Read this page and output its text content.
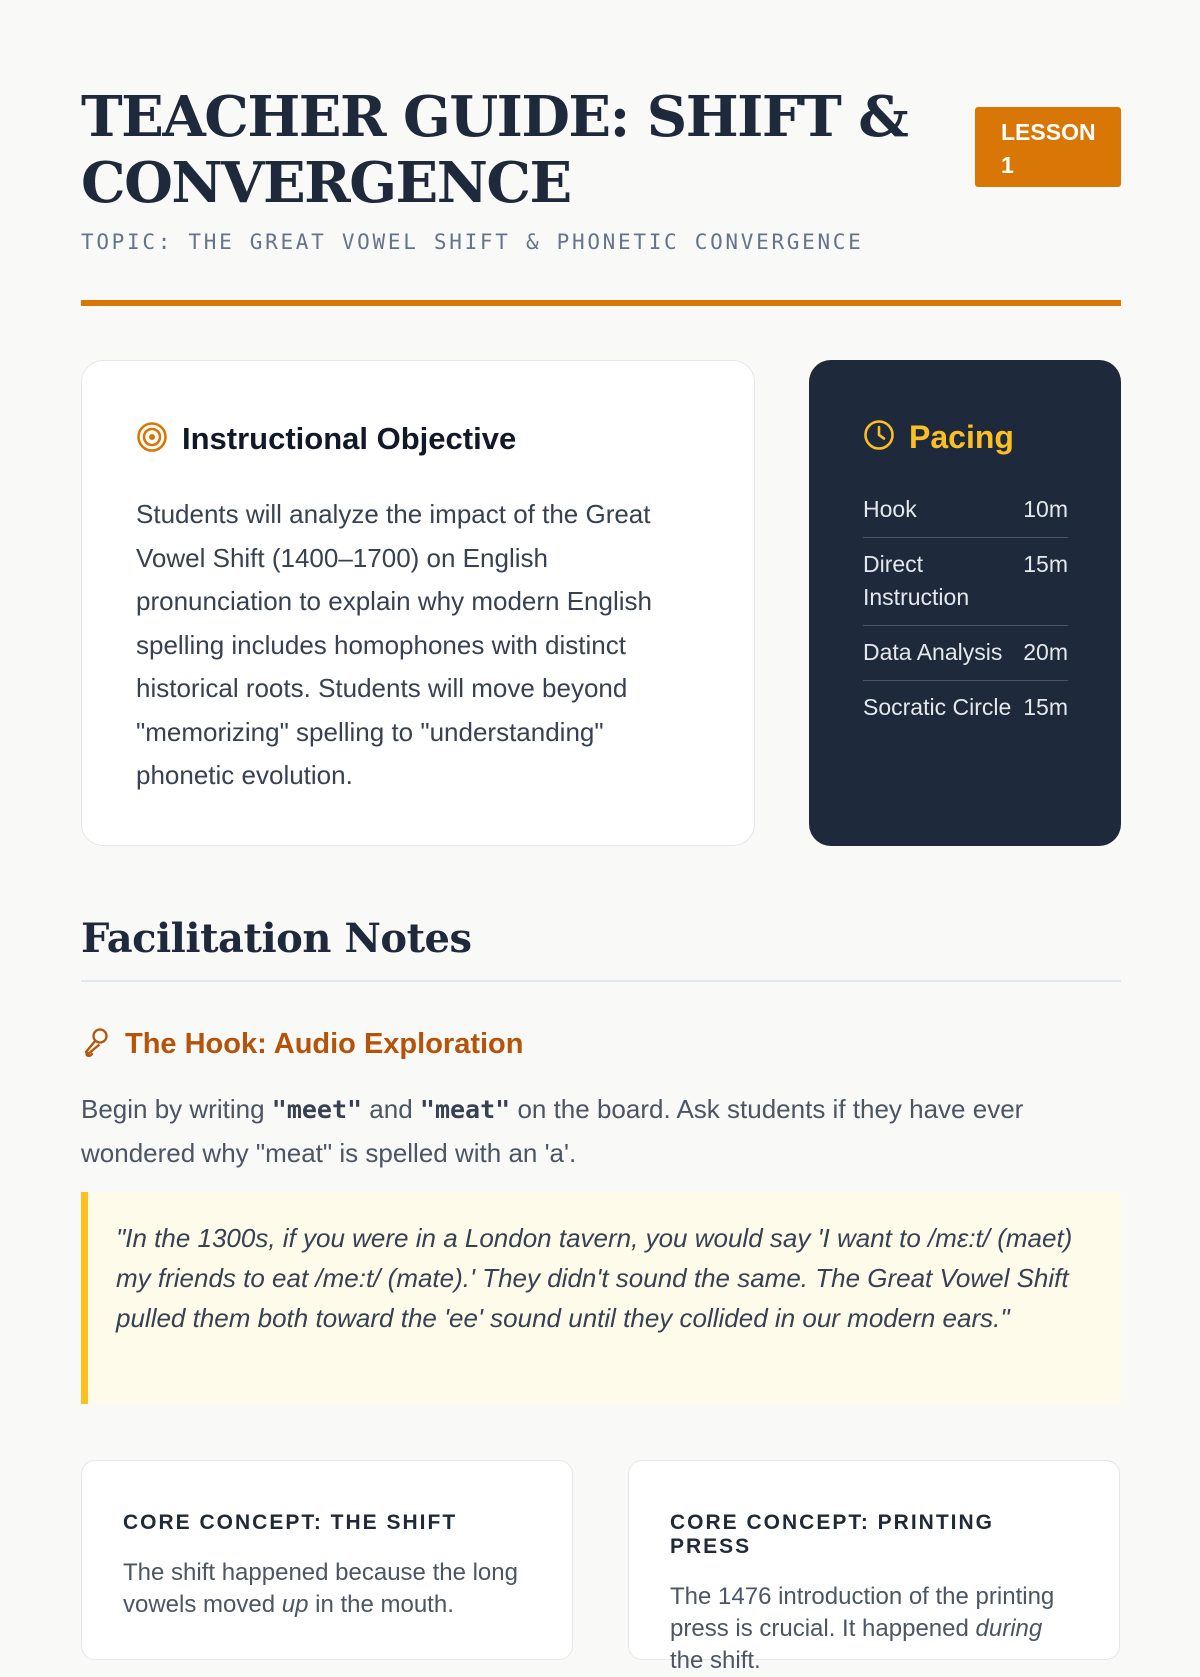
TEACHER GUIDE: SHIFT & CONVERGENCE
LESSON 1
TOPIC: THE GREAT VOWEL SHIFT & PHONETIC CONVERGENCE
Instructional Objective

Students will analyze the impact of the Great Vowel Shift (1400–1700) on English pronunciation to explain why modern English spelling includes homophones with distinct historical roots. Students will move beyond "memorizing" spelling to "understanding" phonetic evolution.

Pacing
Hook	10m
Direct Instruction
15m
Data Analysis 20m
Socratic Circle 15m
Facilitation Notes
The Hook: Audio Exploration

Begin by writing "meet" and "meat" on the board. Ask students if they have ever wondered why "meat" is spelled with an 'a'.

"In the 1300s, if you were in a London tavern, you would say 'I want to /mɛ:t/ (maet) my friends to eat /me:t/ (mate).' They didn't sound the same. The Great Vowel Shift pulled them both toward the 'ee' sound until they collided in our modern ears."
CORE CONCEPT: THE SHIFT

The shift happened because the long vowels moved up in the mouth.

CORE CONCEPT: PRINTING PRESS

The 1476 introduction of the printing press is crucial. It happened during the shift.
